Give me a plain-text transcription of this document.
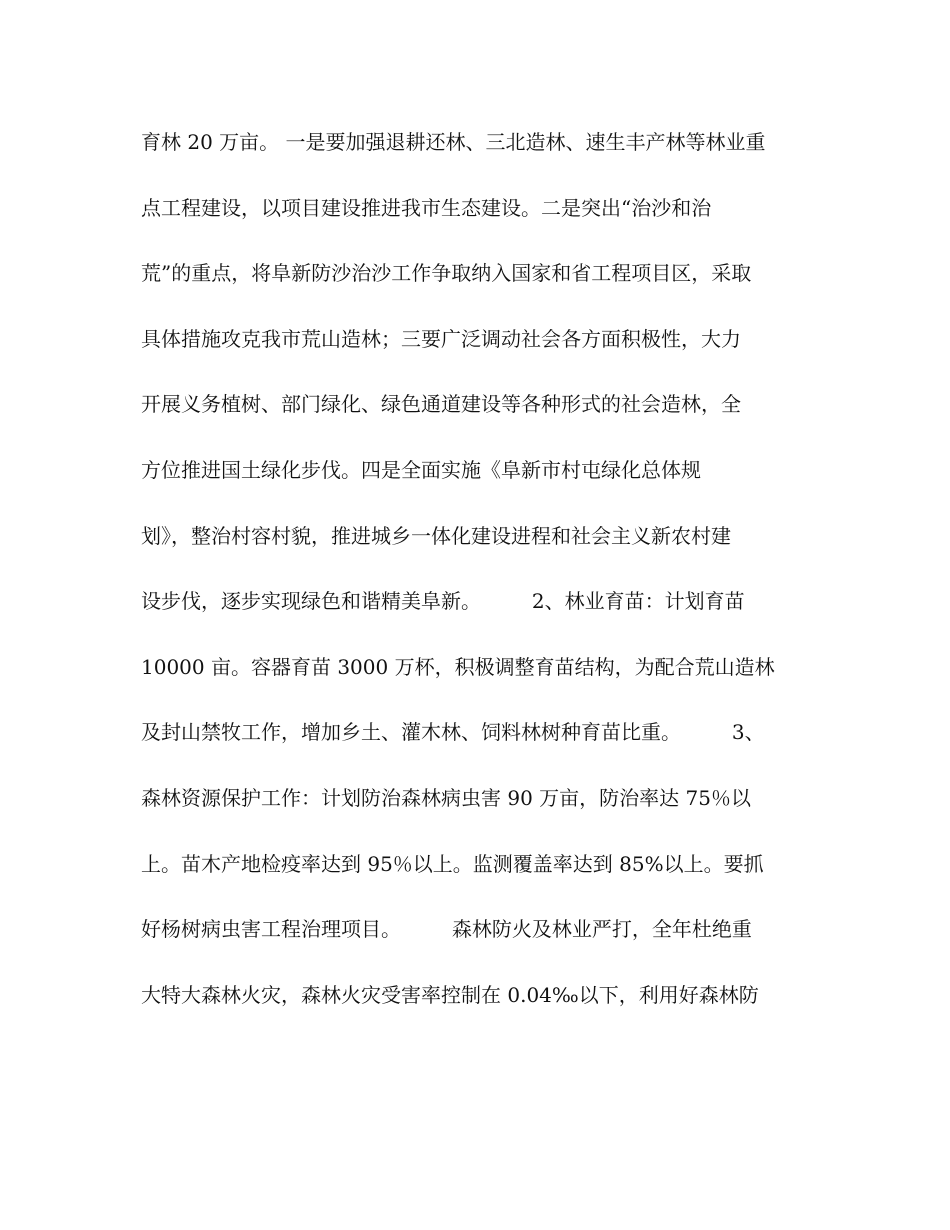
育林 20 万亩。 一是要加强退耕还林、三北造林、速生丰产林等林业重
点工程建设，以项目建设推进我市生态建设。二是突出“治沙和治
荒”的重点，将阜新防沙治沙工作争取纳入国家和省工程项目区，采取
具体措施攻克我市荒山造林；三要广泛调动社会各方面积极性，大力
开展义务植树、部门绿化、绿色通道建设等各种形式的社会造林，全
方位推进国土绿化步伐。四是全面实施《阜新市村屯绿化总体规
划》，整治村容村貌，推进城乡一体化建设进程和社会主义新农村建
设步伐，逐步实现绿色和谐精美阜新。        2、林业育苗：计划育苗
10000 亩。容器育苗 3000 万杯，积极调整育苗结构，为配合荒山造林
及封山禁牧工作，增加乡土、灌木林、饲料林树种育苗比重。        3、
森林资源保护工作：计划防治森林病虫害 90 万亩，防治率达 75％以
上。苗木产地检疫率达到 95％以上。监测覆盖率达到 85%以上。要抓
好杨树病虫害工程治理项目。        森林防火及林业严打，全年杜绝重
大特大森林火灾，森林火灾受害率控制在 0.04‰以下，利用好森林防
